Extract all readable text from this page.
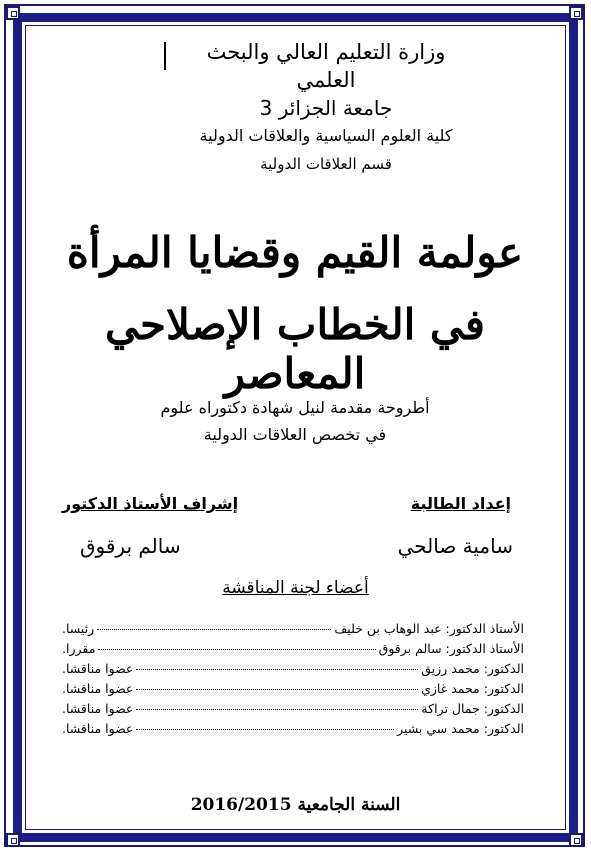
وزارة التعليم العالي والبحث العلمي
جامعة الجزائر 3
كلية العلوم السياسية والعلاقات الدولية
قسم العلاقات الدولية
عولمة القيم وقضايا المرأة
في الخطاب الإصلاحي المعاصر
أطروحة مقدمة لنيل شهادة دكتوراه علوم
في تخصص العلاقات الدولية
إعداد الطالبة
إشراف الأستاذ الدكتور
سامية صالحي
سالم برقوق
أعضاء لجنة المناقشة
الأستاذ الدكتور: عبد الوهاب بن خليف
رئيسا.
الأستاذ الدكتور: سالم برقوق
مقررا.
الدكتور: محمد رزيق
عضوا مناقشا.
الدكتور: محمد غازي
عضوا مناقشا.
الدكتور: جمال تراكة
عضوا مناقشا.
الدكتور: محمد سي بشير
عضوا مناقشا.
السنة الجامعية 2016/2015
